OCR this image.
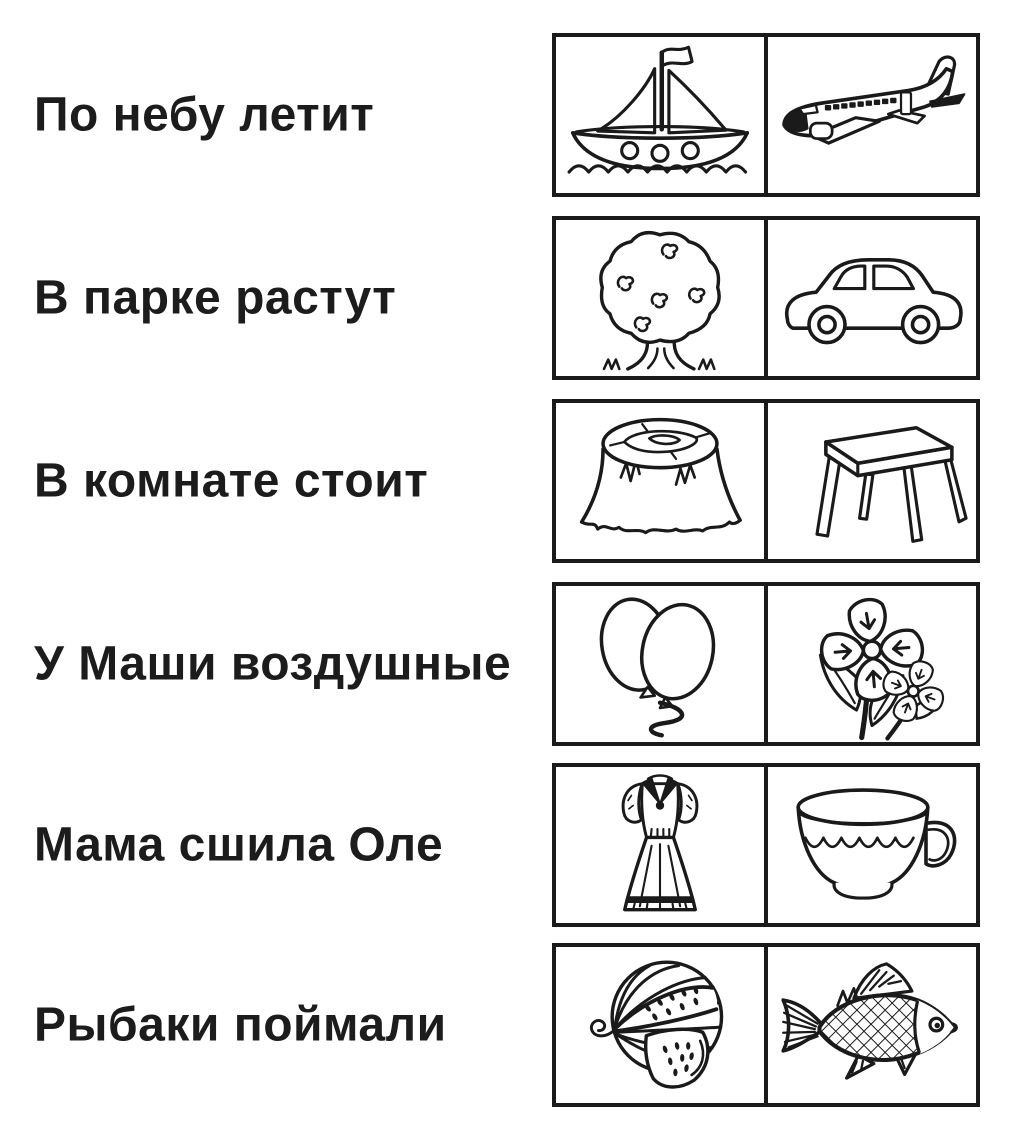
По небу летит
В парке растут
В комнате стоит
У Маши воздушные
Мама сшила Оле
Рыбаки поймали
